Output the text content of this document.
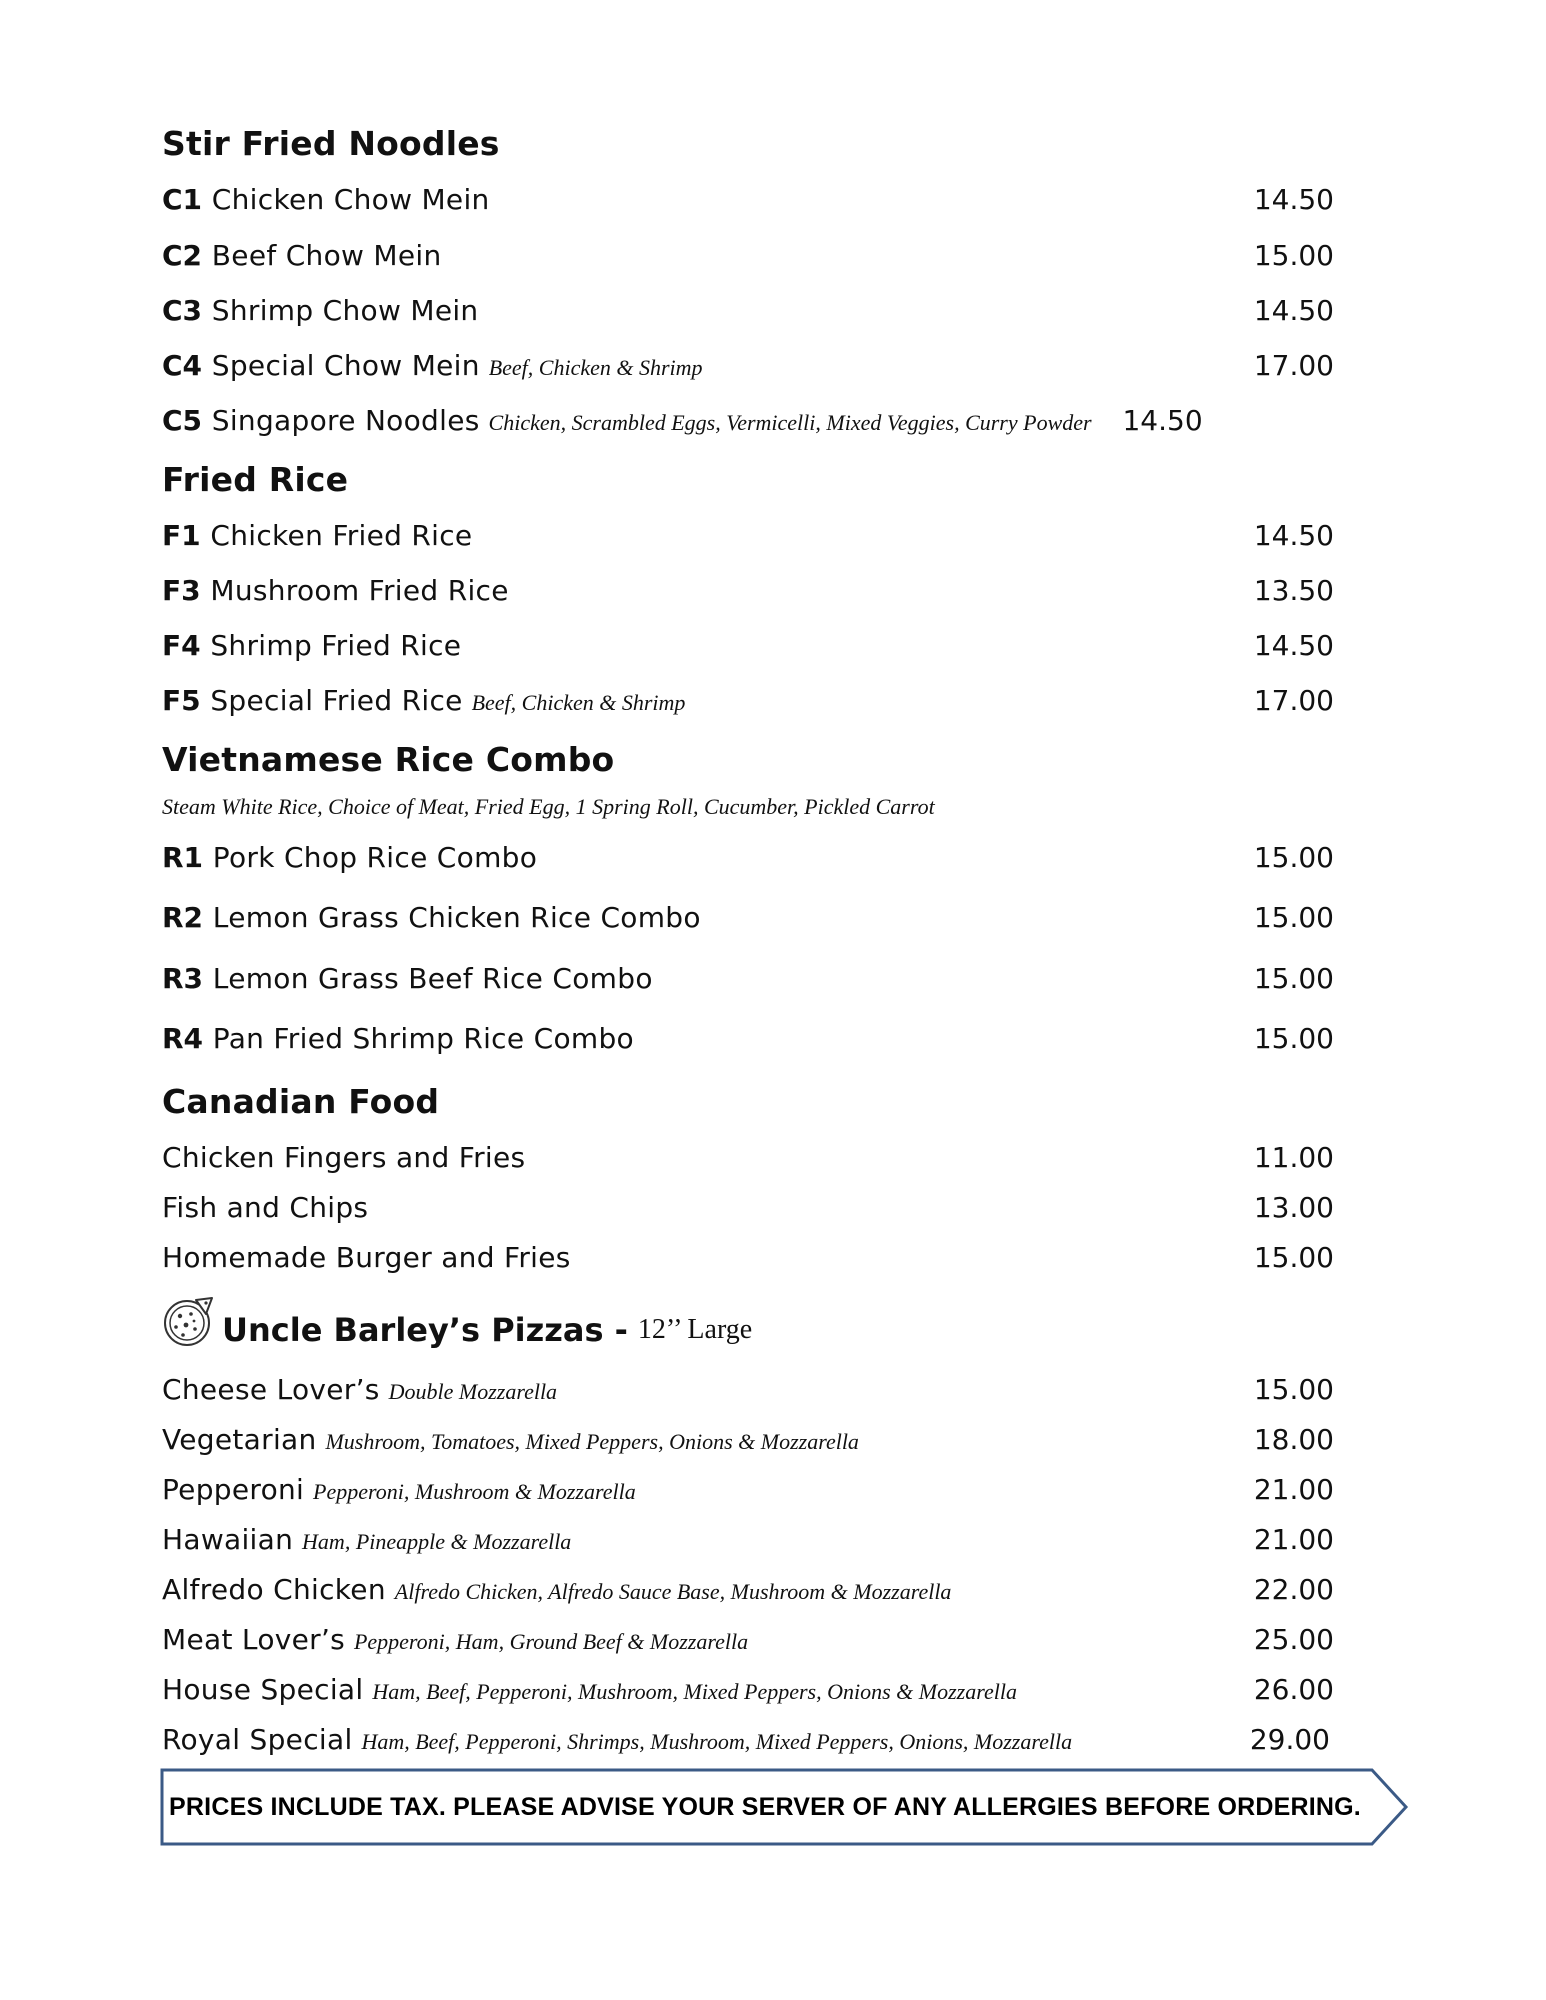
Stir Fried Noodles
C1 Chicken Chow Mein	14.50
C2 Beef Chow Mein	15.00
C3 Shrimp Chow Mein	14.50
C4 Special Chow Mein Beef, Chicken & Shrimp	17.00
C5 Singapore Noodles Chicken, Scrambled Eggs, Vermicelli, Mixed Veggies, Curry Powder 14.50
Fried Rice
F1 Chicken Fried Rice	14.50
F3 Mushroom Fried Rice	13.50
F4 Shrimp Fried Rice	14.50
F5 Special Fried Rice Beef, Chicken & Shrimp	17.00
Vietnamese Rice Combo
Steam White Rice, Choice of Meat, Fried Egg, 1 Spring Roll, Cucumber, Pickled Carrot
R1 Pork Chop Rice Combo	15.00
R2 Lemon Grass Chicken Rice Combo	15.00
R3 Lemon Grass Beef Rice Combo	15.00
R4 Pan Fried Shrimp Rice Combo	15.00
Canadian Food
Chicken Fingers and Fries	11.00
Fish and Chips	13.00
Homemade Burger and Fries	15.00
Uncle Barley’s Pizzas - 12’’ Large
Cheese Lover’s Double Mozzarella	15.00
Vegetarian Mushroom, Tomatoes, Mixed Peppers, Onions & Mozzarella	18.00
Pepperoni Pepperoni, Mushroom & Mozzarella	21.00
Hawaiian Ham, Pineapple & Mozzarella	21.00
Alfredo Chicken Alfredo Chicken, Alfredo Sauce Base, Mushroom & Mozzarella	22.00
Meat Lover’s Pepperoni, Ham, Ground Beef & Mozzarella	25.00
House Special Ham, Beef, Pepperoni, Mushroom, Mixed Peppers, Onions & Mozzarella	26.00
Royal Special Ham, Beef, Pepperoni, Shrimps, Mushroom, Mixed Peppers, Onions, Mozzarella	29.00
PRICES INCLUDE TAX. PLEASE ADVISE YOUR SERVER OF ANY ALLERGIES BEFORE ORDERING.
